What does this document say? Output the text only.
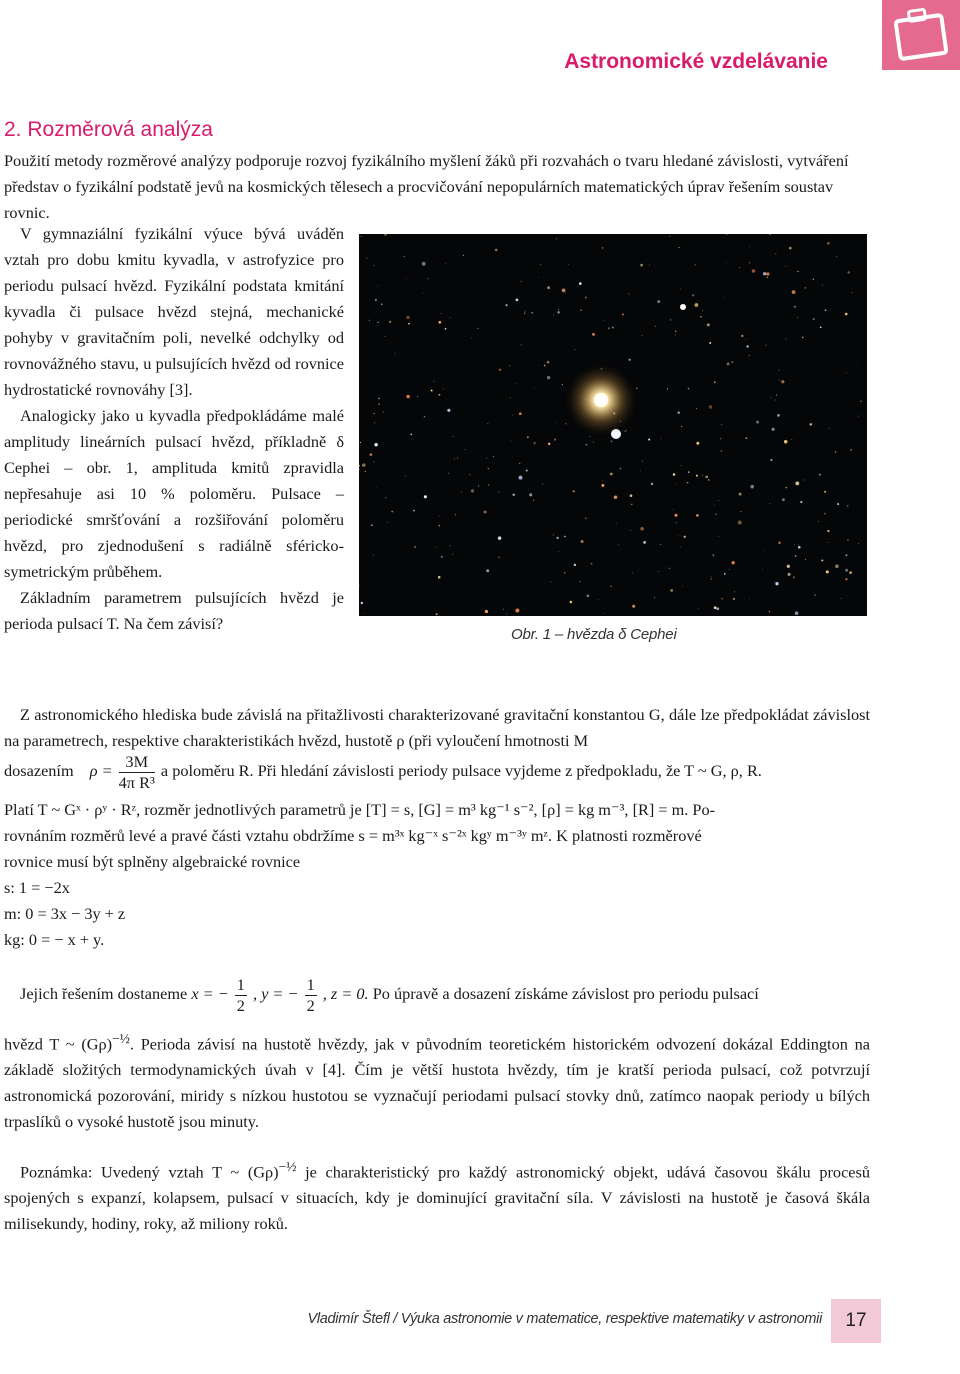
Astronomické vzdelávanie
2. Rozměrová analýza

Použití metody rozměrové analýzy podporuje rozvoj fyzikálního myšlení žáků při rozvahách o tvaru hledané závislosti, vytváření představ o fyzikální podstatě jevů na kosmických tělesech a procvičování nepopulárních matematických úprav řešením soustav rovnic.

V gymnaziální fyzikální výuce bývá uváděn vztah pro dobu kmitu kyvadla, v astrofyzice pro periodu pulsací hvězd. Fyzikální podstata kmitání kyvadla či pulsace hvězd stejná, mechanické pohyby v gravitačním poli, nevelké odchylky od rovnovážného stavu, u pulsujících hvězd od rovnice hydrostatické rovnováhy [3].

Analogicky jako u kyvadla předpokládáme malé amplitudy lineárních pulsací hvězd, příkladně δ Cephei – obr. 1, amplituda kmitů zpravidla nepřesahuje asi 10 % poloměru. Pulsace – periodické smršťování a rozšiřování poloměru hvězd, pro zjednodušení s radiálně sféricko-symetrickým průběhem.

Základním parametrem pulsujících hvězd je perioda pulsací T. Na čem závisí?

Obr. 1 – hvězda δ Cephei

Z astronomického hlediska bude závislá na přitažlivosti charakterizované gravitační konstantou G, dále lze předpokládat závislost na parametrech, respektive charakteristikách hvězd, hustotě ρ (při vyloučení hmotnosti M

dosazením $\rho = \frac{3M}{\text{4π R³}}$ a poloměru R. Při hledání závislosti periody pulsace vyjdeme z předpokladu, že T ~ G, ρ, R.
Platí T ~ Gˣ · ρʸ · Rᶻ, rozměr jednotlivých parametrů je [T] = s, [G] = m³ kg⁻¹ s⁻², [ρ] = kg m⁻³, [R] = m. Po-
rovnáním rozměrů levé a pravé části vztahu obdržíme s = m³ˣ kg⁻ˣ s⁻²ˣ kgʸ m⁻³ʸ mᶻ. K platnosti rozměrové
rovnice musí být splněny algebraické rovnice
s: 1 = −2x
m: 0 = 3x − 3y + z
kg: 0 = − x + y.
Jejich řešením dostaneme x = − $\frac{1}{2}$ , y = − $\frac{1}{2}$ , z = 0. Po úpravě a dosazení získáme závislost pro periodu pulsací

hvězd T ~ $(G\rho)^{-\frac{1}{2}}$. Perioda závisí na hustotě hvězdy, jak v původním teoretickém historickém odvození dokázal Eddington na základě složitých termodynamických úvah v [4]. Čím je větší hustota hvězdy, tím je kratší perioda pulsací, což potvrzují astronomická pozorování, miridy s nízkou hustotou se vyznačují periodami pulsací stovky dnů, zatímco naopak periody u bílých trpaslíků o vysoké hustotě jsou minuty.

Poznámka: Uvedený vztah T ~ $(G\rho)^{-\frac{1}{2}}$ je charakteristický pro každý astronomický objekt, udává časovou škálu procesů spojených s expanzí, kolapsem, pulsací v situacích, kdy je dominující gravitační síla. V závislosti na hustotě je časová škála milisekundy, hodiny, roky, až miliony roků.

Vladimír Štefl / Výuka astronomie v matematice, respektive matematiky v astronomii	17
